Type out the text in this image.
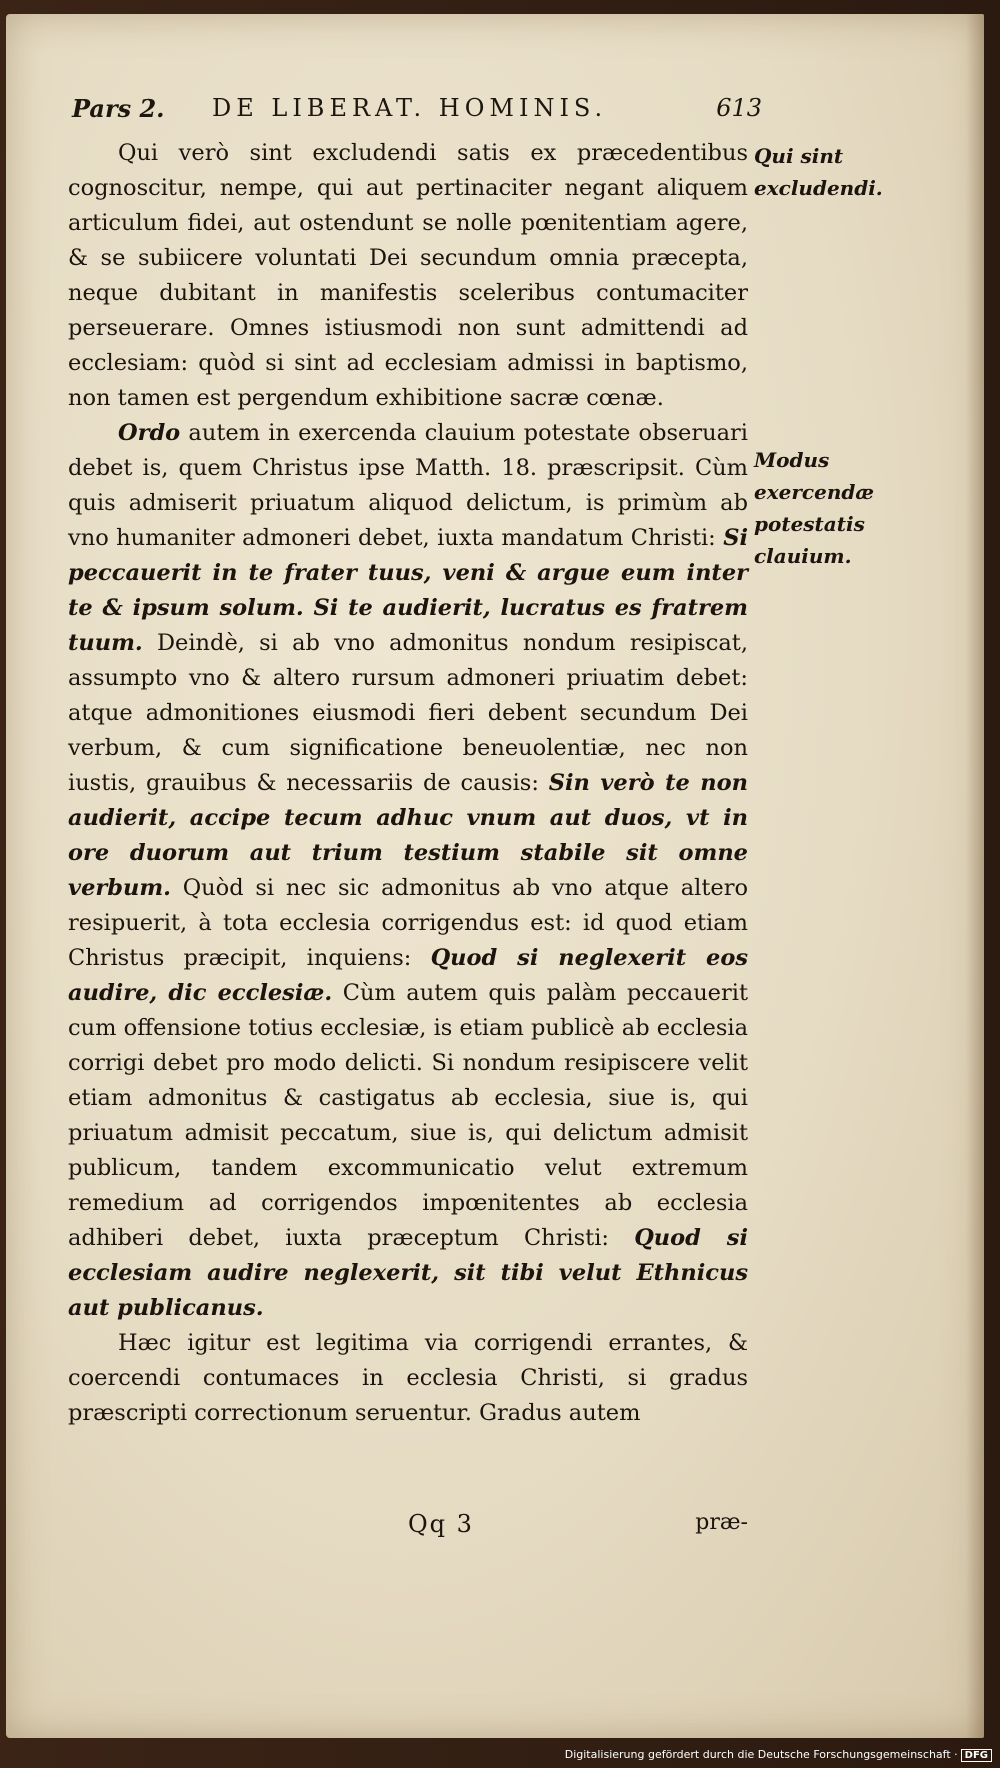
Pars 2. DE LIBERAT. HOMINIS.	613
Qui sint excludendi.
Modus exercendæ potestatis clauium.

Qui verò sint excludendi satis ex præcedentibus cognoscitur, nempe, qui aut pertinaciter negant aliquem articulum fidei, aut ostendunt se nolle pœnitentiam agere, & se subiicere voluntati Dei secundum omnia præcepta, neque dubitant in manifestis sceleribus contumaciter perseuerare. Omnes istiusmodi non sunt admittendi ad ecclesiam: quòd si sint ad ecclesiam admissi in baptismo, non tamen est pergendum exhibitione sacræ cœnæ.

Ordo autem in exercenda clauium potestate obseruari debet is, quem Christus ipse Matth. 18. præscripsit. Cùm quis admiserit priuatum aliquod delictum, is primùm ab vno humaniter admoneri debet, iuxta mandatum Christi: Si peccauerit in te frater tuus, veni & argue eum inter te & ipsum solum. Si te audierit, lucratus es fratrem tuum. Deindè, si ab vno admonitus nondum resipiscat, assumpto vno & altero rursum admoneri priuatim debet: atque admonitiones eiusmodi fieri debent secundum Dei verbum, & cum significatione beneuolentiæ, nec non iustis, grauibus & necessariis de causis: Sin verò te non audierit, accipe tecum adhuc vnum aut duos, vt in ore duorum aut trium testium stabile sit omne verbum. Quòd si nec sic admonitus ab vno atque altero resipuerit, à tota ecclesia corrigendus est: id quod etiam Christus præcipit, inquiens: Quod si neglexerit eos audire, dic ecclesiæ. Cùm autem quis palàm peccauerit cum offensione totius ecclesiæ, is etiam publicè ab ecclesia corrigi debet pro modo delicti. Si nondum resipiscere velit etiam admonitus & castigatus ab ecclesia, siue is, qui priuatum admisit peccatum, siue is, qui delictum admisit publicum, tandem excommunicatio velut extremum remedium ad corrigendos impœnitentes ab ecclesia adhiberi debet, iuxta præceptum Christi: Quod si ecclesiam audire neglexerit, sit tibi velut Ethnicus aut publicanus.

Hæc igitur est legitima via corrigendi errantes, & coercendi contumaces in ecclesia Christi, si gradus præscripti correctionum seruentur. Gradus autem

Qq 3	præ-
Digitalisierung gefördert durch die Deutsche Forschungsgemeinschaft · DFG
